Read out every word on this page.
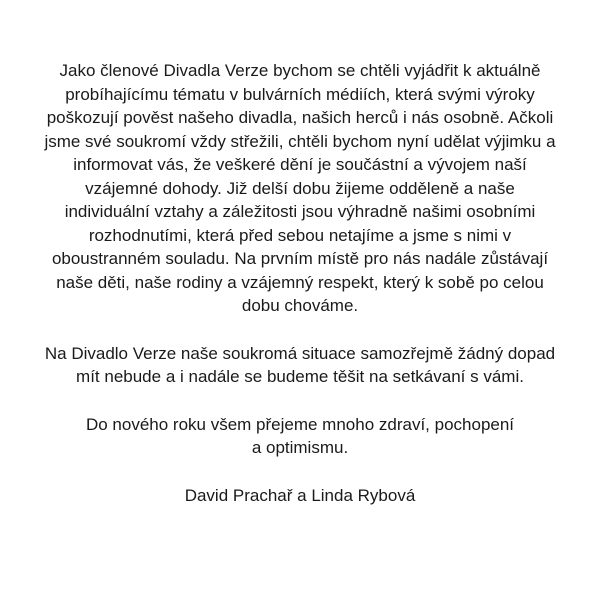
Jako členové Divadla Verze bychom se chtěli vyjádřit k aktuálně
probíhajícímu tématu v bulvárních médiích, která svými výroky
poškozují pověst našeho divadla, našich herců i nás osobně. Ačkoli
jsme své soukromí vždy střežili, chtěli bychom nyní udělat výjimku a
informovat vás, že veškeré dění je součástní a vývojem naší
vzájemné dohody. Již delší dobu žijeme odděleně a naše
individuální vztahy a záležitosti jsou výhradně našimi osobními
rozhodnutími, která před sebou netajíme a jsme s nimi v
oboustranném souladu. Na prvním místě pro nás nadále zůstávají
naše děti, naše rodiny a vzájemný respekt, který k sobě po celou
dobu chováme.

Na Divadlo Verze naše soukromá situace samozřejmě žádný dopad
mít nebude a i nadále se budeme těšit na setkávaní s vámi.

Do nového roku všem přejeme mnoho zdraví, pochopení
a optimismu.

David Prachař a Linda Rybová
